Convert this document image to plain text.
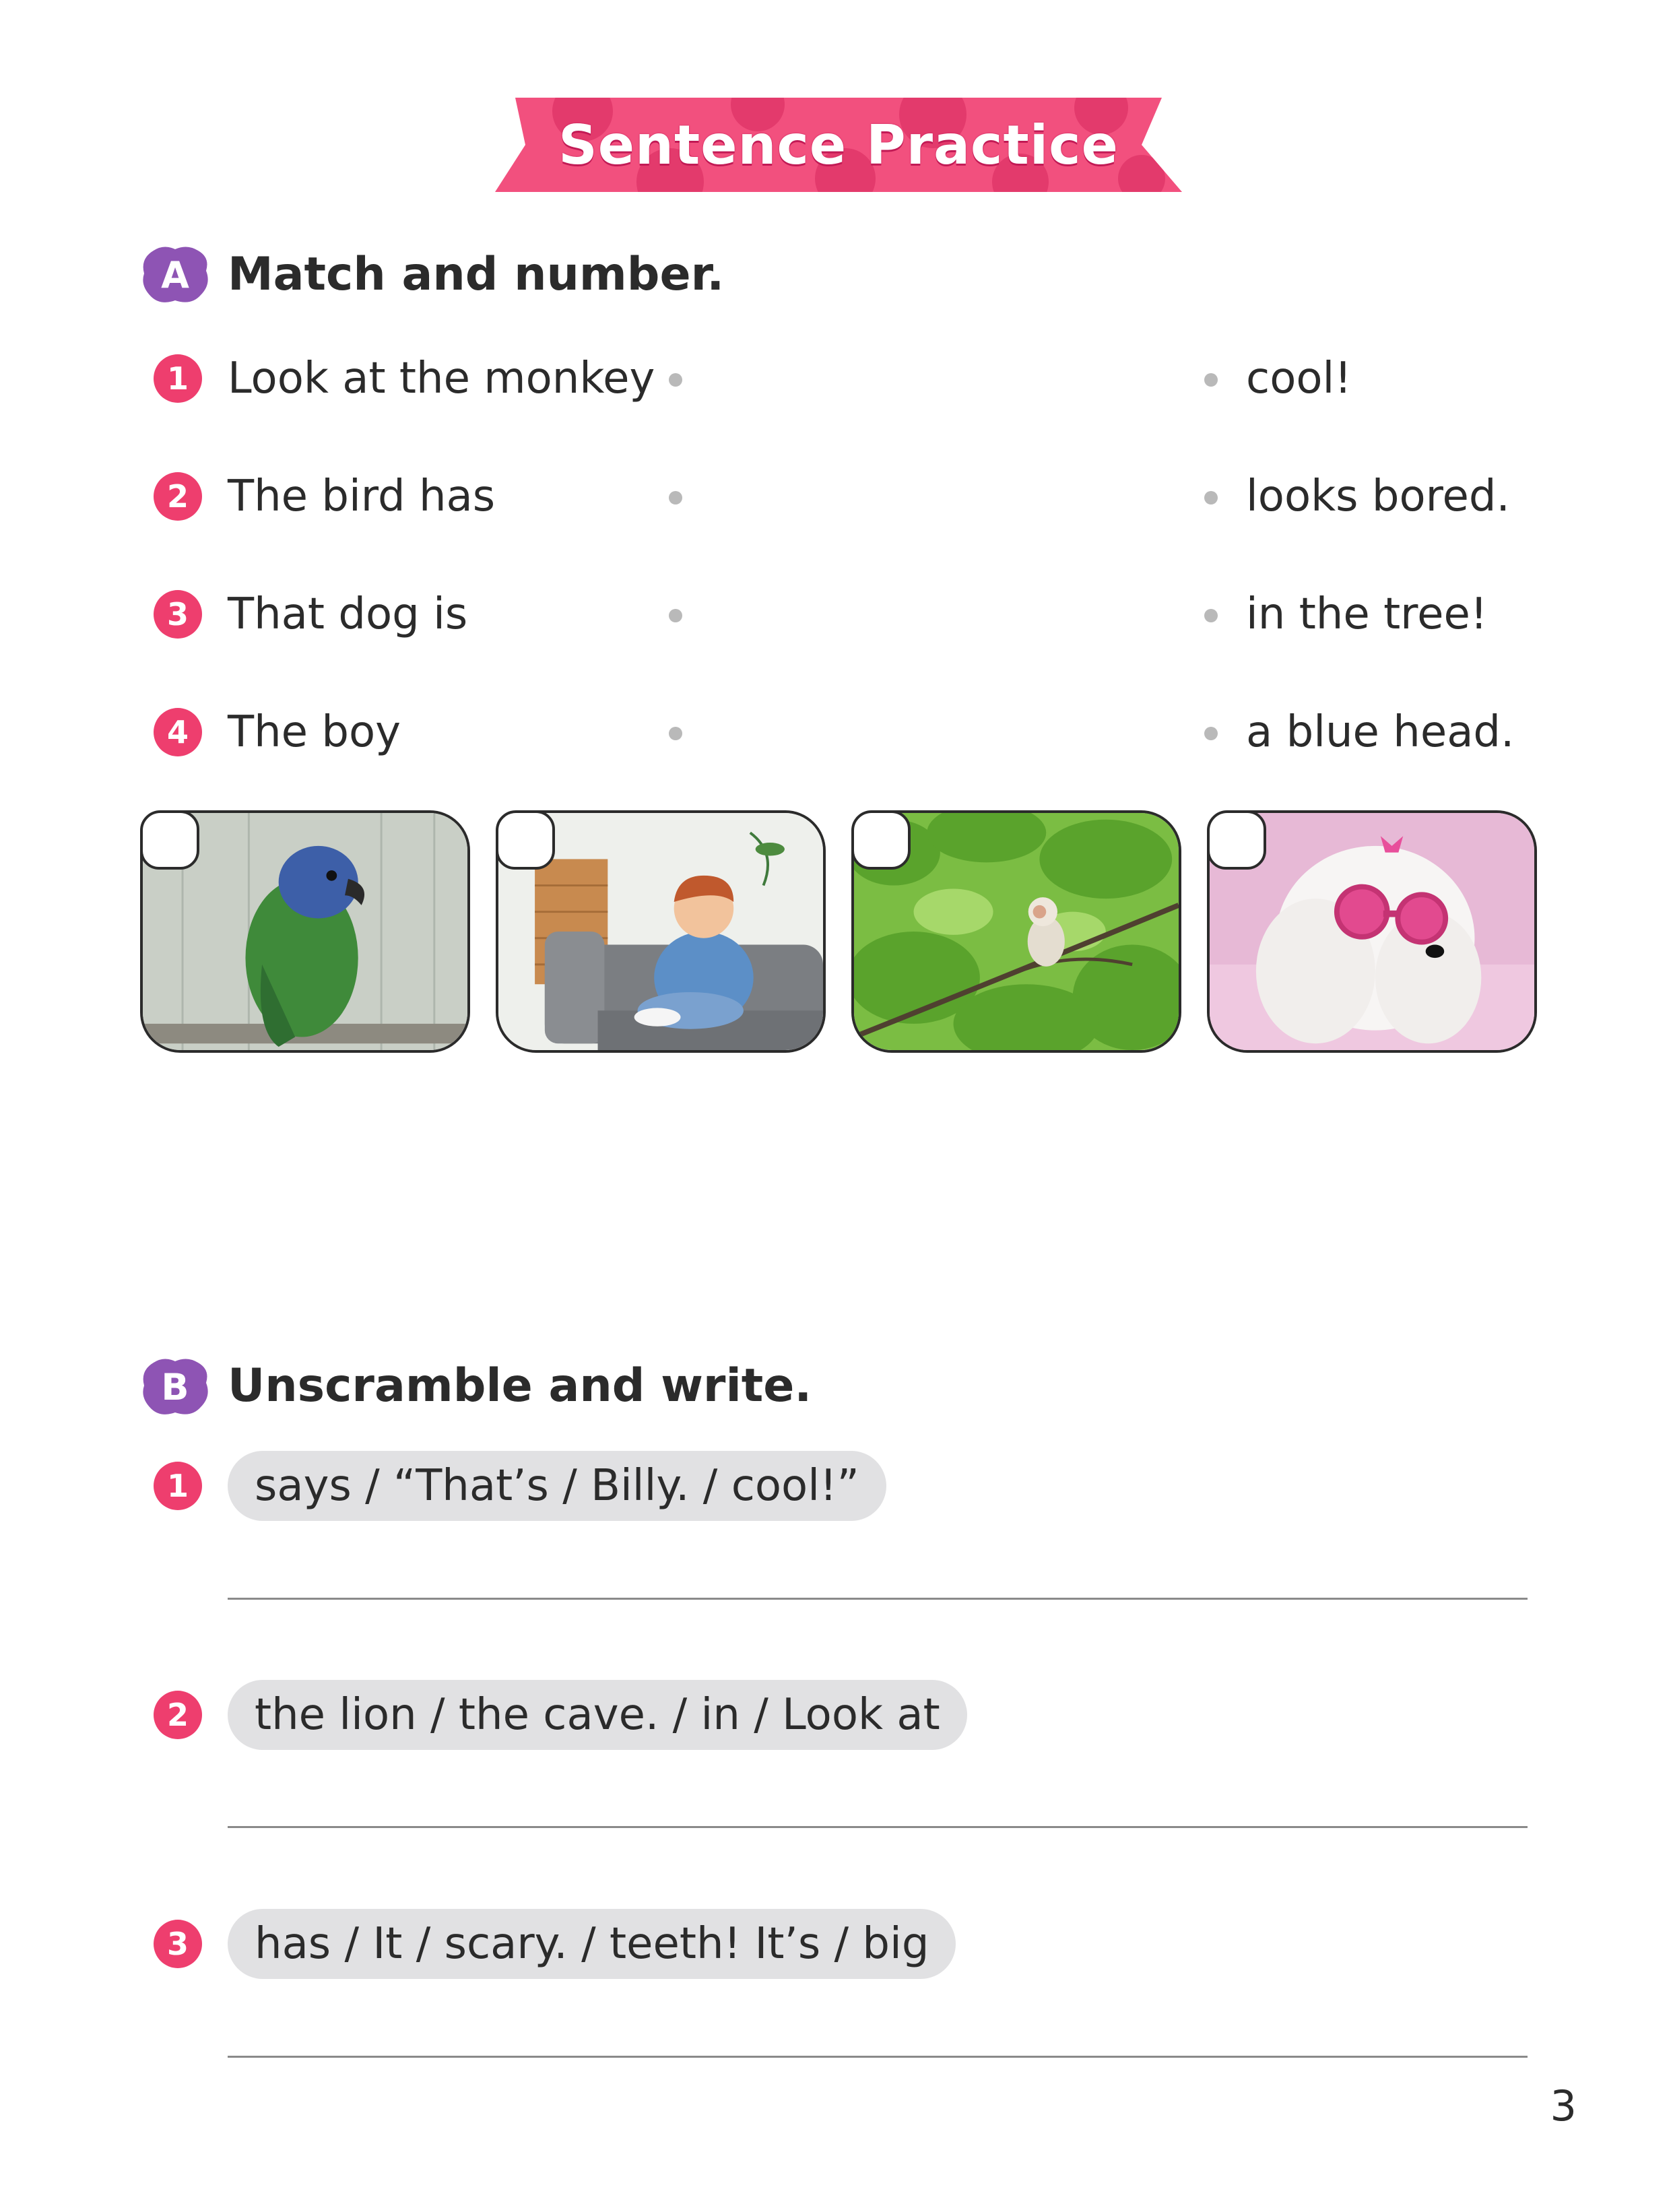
Sentence Practice
A Match and number.
1 Look at the monkey	cool!
2 The bird has	looks bored.
3 That dog is	in the tree!
4 The boy	a blue head.
B Unscramble and write.
1	says / “That’s / Billy. / cool!”
2	the lion / the cave. / in / Look at
3	has / It / scary. / teeth! It’s / big
3
